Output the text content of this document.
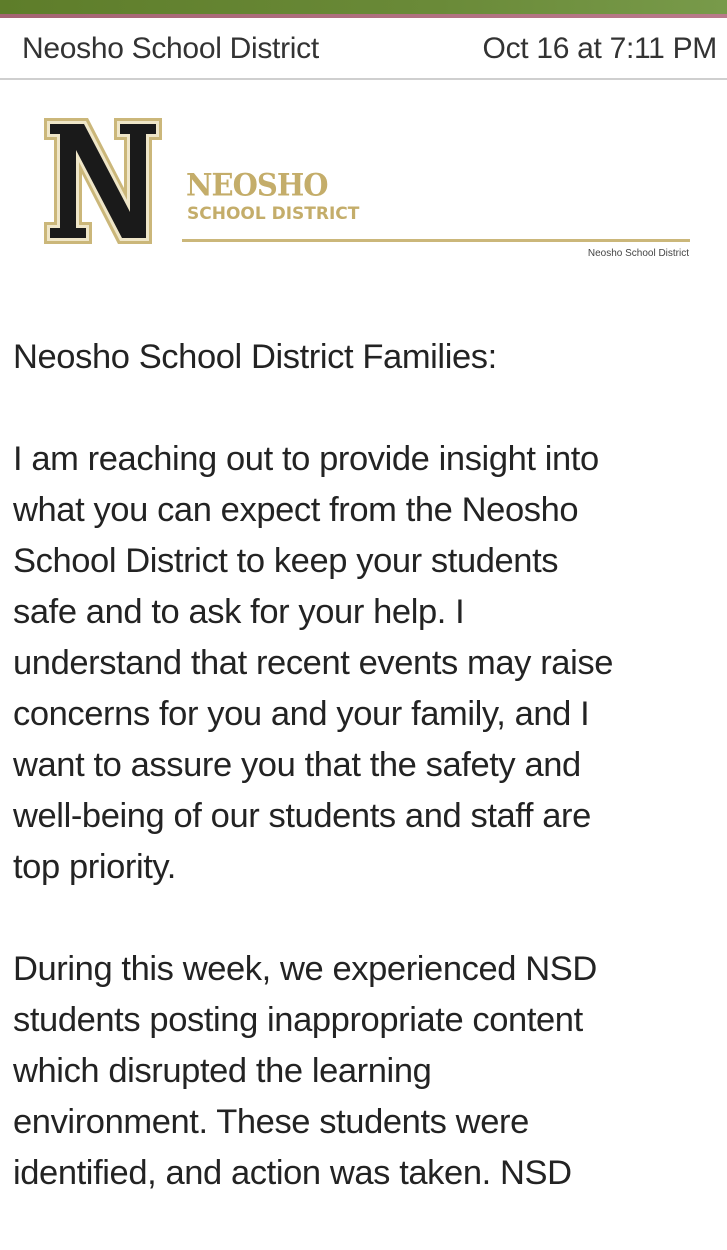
Neosho School District	Oct 16 at 7:11 PM
NEOSHO
SCHOOL DISTRICT
Neosho School District

Neosho School District Families:

I am reaching out to provide insight into
what you can expect from the Neosho
School District to keep your students
safe and to ask for your help. I
understand that recent events may raise
concerns for you and your family, and I
want to assure you that the safety and
well-being of our students and staff are
top priority.

During this week, we experienced NSD
students posting inappropriate content
which disrupted the learning
environment. These students were
identified, and action was taken. NSD
